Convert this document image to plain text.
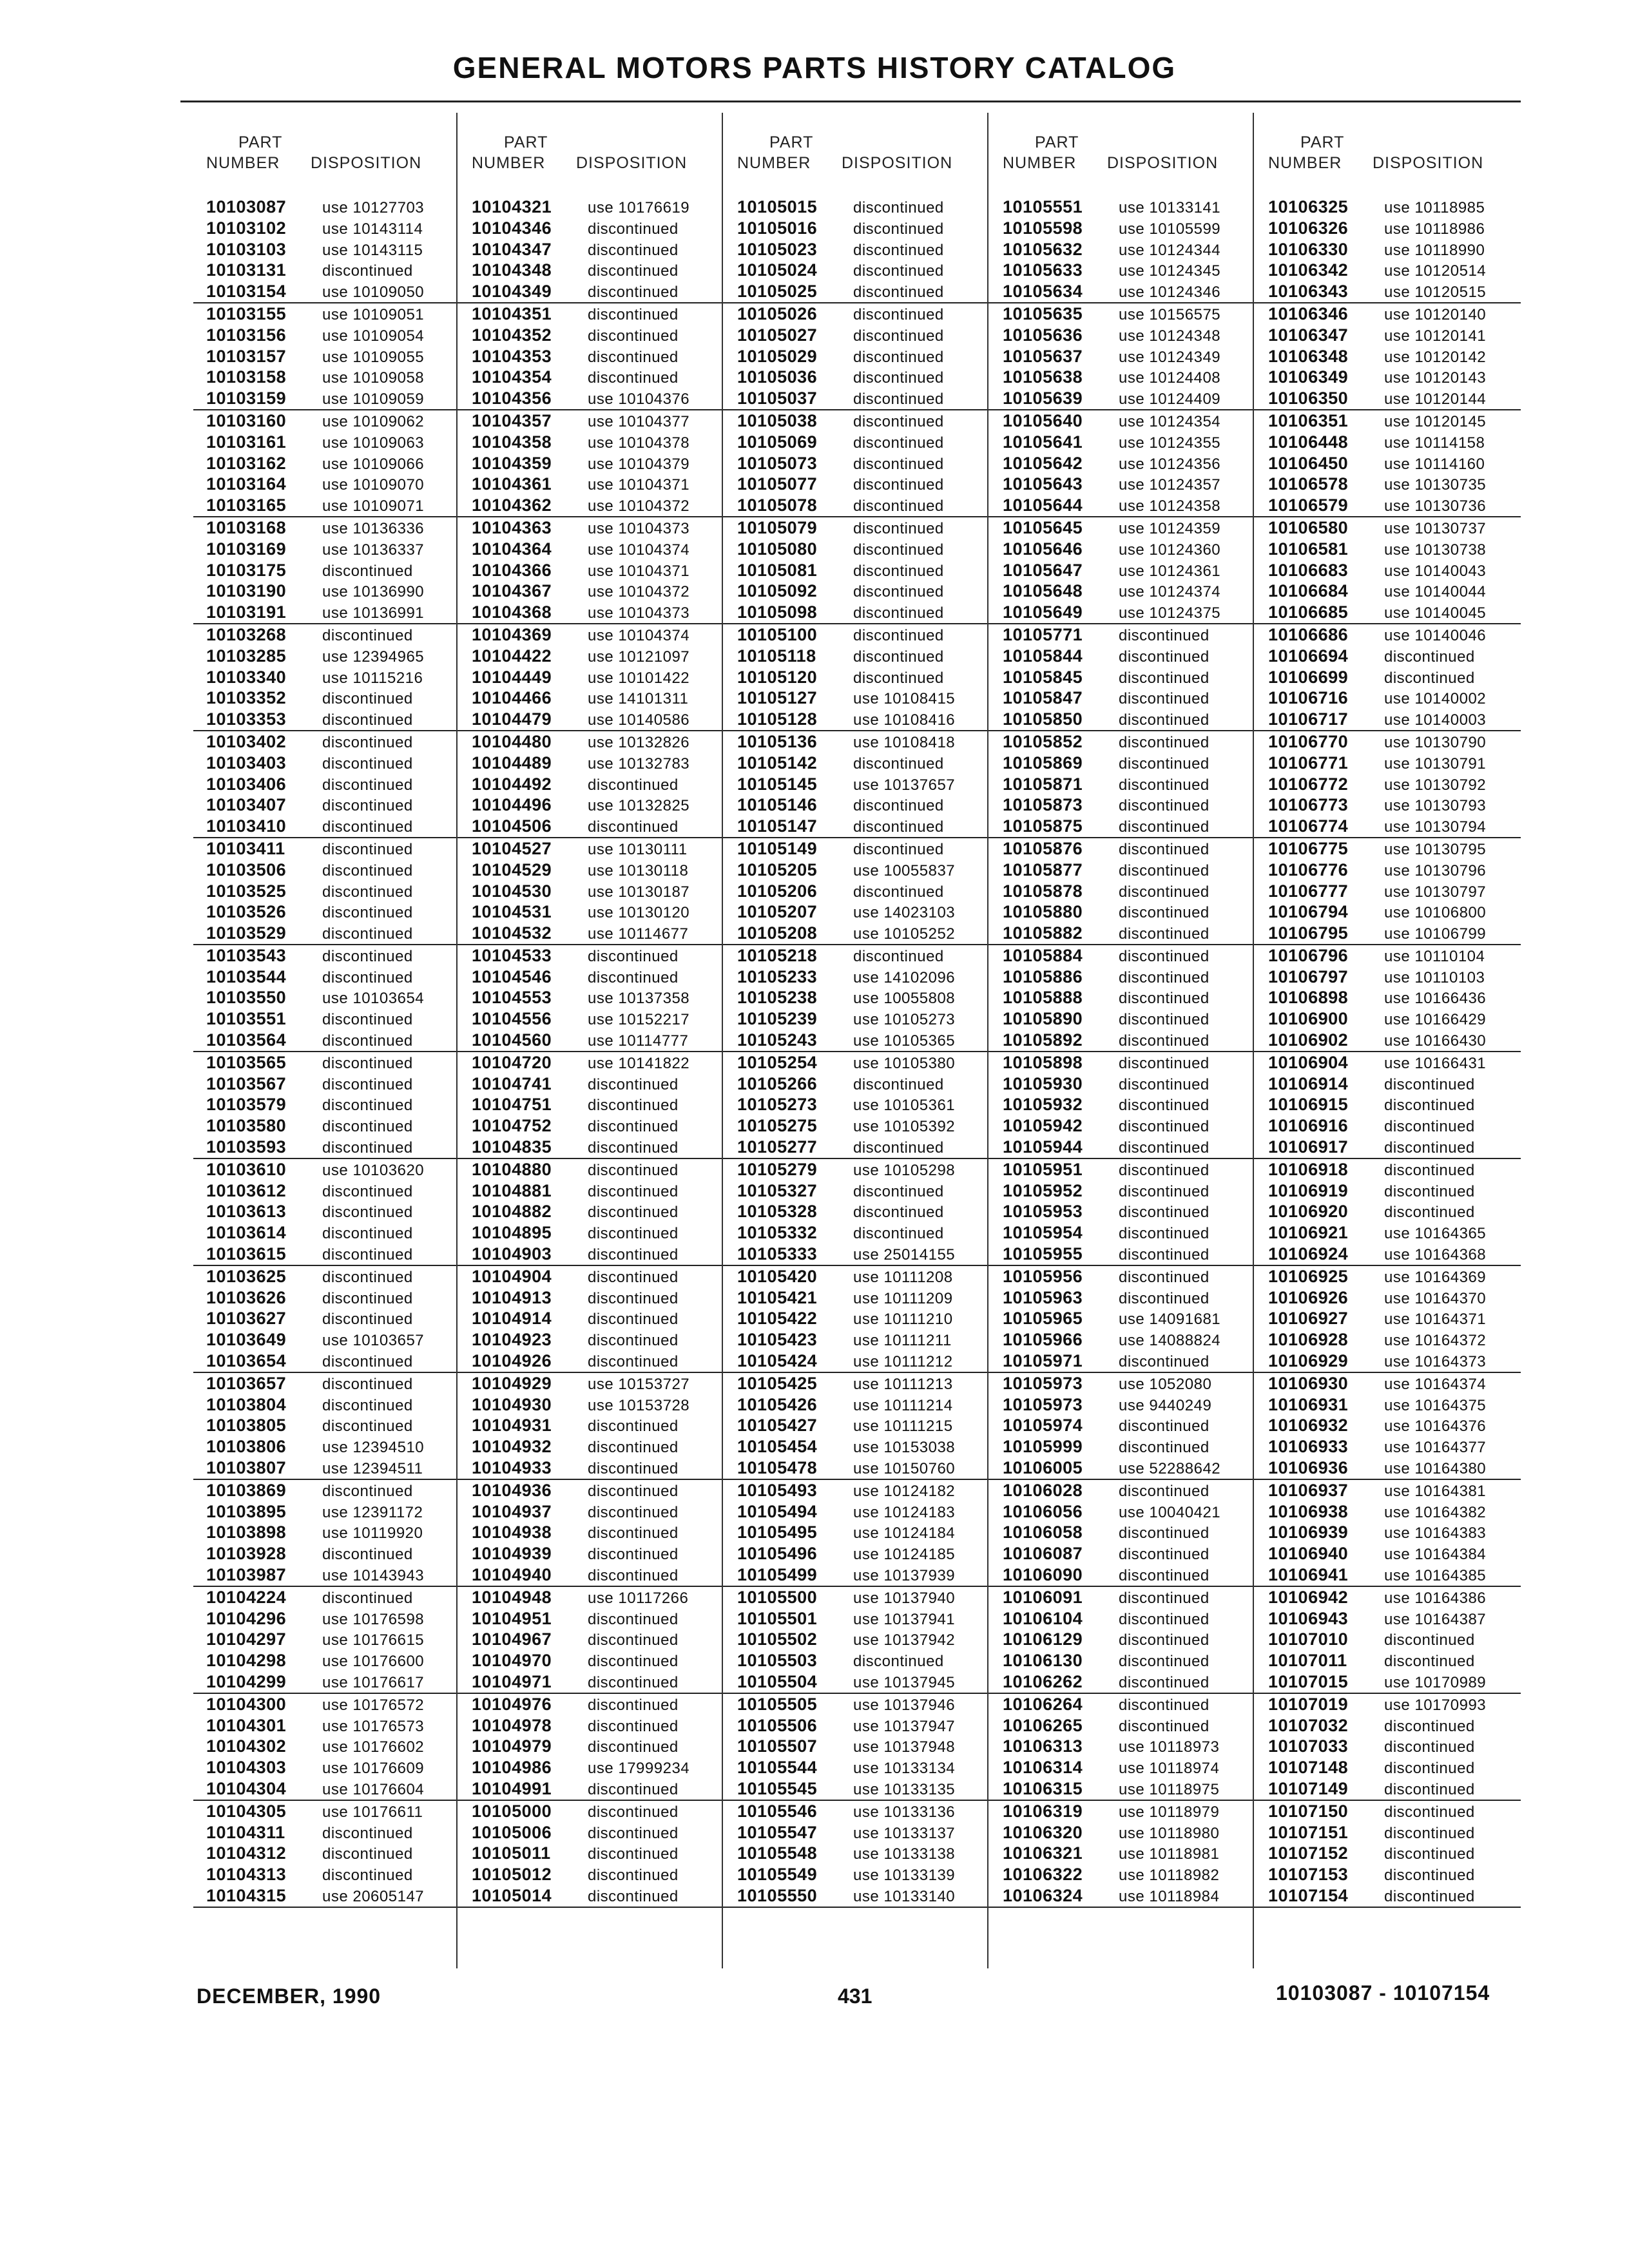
GENERAL MOTORS PARTS HISTORY CATALOG
PART
NUMBER DISPOSITION
10103087 use 10127703
10103102 use 10143114
10103103 use 10143115
10103131 discontinued
10103154 use 10109050
10103155 use 10109051
10103156 use 10109054
10103157 use 10109055
10103158 use 10109058
10103159 use 10109059
10103160 use 10109062
10103161 use 10109063
10103162 use 10109066
10103164 use 10109070
10103165 use 10109071
10103168 use 10136336
10103169 use 10136337
10103175 discontinued
10103190 use 10136990
10103191 use 10136991
10103268 discontinued
10103285 use 12394965
10103340 use 10115216
10103352 discontinued
10103353 discontinued
10103402 discontinued
10103403 discontinued
10103406 discontinued
10103407 discontinued
10103410 discontinued
10103411 discontinued
10103506 discontinued
10103525 discontinued
10103526 discontinued
10103529 discontinued
10103543 discontinued
10103544 discontinued
10103550 use 10103654
10103551 discontinued
10103564 discontinued
10103565 discontinued
10103567 discontinued
10103579 discontinued
10103580 discontinued
10103593 discontinued
10103610 use 10103620
10103612 discontinued
10103613 discontinued
10103614 discontinued
10103615 discontinued
10103625 discontinued
10103626 discontinued
10103627 discontinued
10103649 use 10103657
10103654 discontinued
10103657 discontinued
10103804 discontinued
10103805 discontinued
10103806 use 12394510
10103807 use 12394511
10103869 discontinued
10103895 use 12391172
10103898 use 10119920
10103928 discontinued
10103987 use 10143943
10104224 discontinued
10104296 use 10176598
10104297 use 10176615
10104298 use 10176600
10104299 use 10176617
10104300 use 10176572
10104301 use 10176573
10104302 use 10176602
10104303 use 10176609
10104304 use 10176604
10104305 use 10176611
10104311 discontinued
10104312 discontinued
10104313 discontinued
10104315 use 20605147
PART
NUMBER DISPOSITION
10104321 use 10176619
10104346 discontinued
10104347 discontinued
10104348 discontinued
10104349 discontinued
10104351 discontinued
10104352 discontinued
10104353 discontinued
10104354 discontinued
10104356 use 10104376
10104357 use 10104377
10104358 use 10104378
10104359 use 10104379
10104361 use 10104371
10104362 use 10104372
10104363 use 10104373
10104364 use 10104374
10104366 use 10104371
10104367 use 10104372
10104368 use 10104373
10104369 use 10104374
10104422 use 10121097
10104449 use 10101422
10104466 use 14101311
10104479 use 10140586
10104480 use 10132826
10104489 use 10132783
10104492 discontinued
10104496 use 10132825
10104506 discontinued
10104527 use 10130111
10104529 use 10130118
10104530 use 10130187
10104531 use 10130120
10104532 use 10114677
10104533 discontinued
10104546 discontinued
10104553 use 10137358
10104556 use 10152217
10104560 use 10114777
10104720 use 10141822
10104741 discontinued
10104751 discontinued
10104752 discontinued
10104835 discontinued
10104880 discontinued
10104881 discontinued
10104882 discontinued
10104895 discontinued
10104903 discontinued
10104904 discontinued
10104913 discontinued
10104914 discontinued
10104923 discontinued
10104926 discontinued
10104929 use 10153727
10104930 use 10153728
10104931 discontinued
10104932 discontinued
10104933 discontinued
10104936 discontinued
10104937 discontinued
10104938 discontinued
10104939 discontinued
10104940 discontinued
10104948 use 10117266
10104951 discontinued
10104967 discontinued
10104970 discontinued
10104971 discontinued
10104976 discontinued
10104978 discontinued
10104979 discontinued
10104986 use 17999234
10104991 discontinued
10105000 discontinued
10105006 discontinued
10105011 discontinued
10105012 discontinued
10105014 discontinued
PART
NUMBER DISPOSITION
10105015 discontinued
10105016 discontinued
10105023 discontinued
10105024 discontinued
10105025 discontinued
10105026 discontinued
10105027 discontinued
10105029 discontinued
10105036 discontinued
10105037 discontinued
10105038 discontinued
10105069 discontinued
10105073 discontinued
10105077 discontinued
10105078 discontinued
10105079 discontinued
10105080 discontinued
10105081 discontinued
10105092 discontinued
10105098 discontinued
10105100 discontinued
10105118 discontinued
10105120 discontinued
10105127 use 10108415
10105128 use 10108416
10105136 use 10108418
10105142 discontinued
10105145 use 10137657
10105146 discontinued
10105147 discontinued
10105149 discontinued
10105205 use 10055837
10105206 discontinued
10105207 use 14023103
10105208 use 10105252
10105218 discontinued
10105233 use 14102096
10105238 use 10055808
10105239 use 10105273
10105243 use 10105365
10105254 use 10105380
10105266 discontinued
10105273 use 10105361
10105275 use 10105392
10105277 discontinued
10105279 use 10105298
10105327 discontinued
10105328 discontinued
10105332 discontinued
10105333 use 25014155
10105420 use 10111208
10105421 use 10111209
10105422 use 10111210
10105423 use 10111211
10105424 use 10111212
10105425 use 10111213
10105426 use 10111214
10105427 use 10111215
10105454 use 10153038
10105478 use 10150760
10105493 use 10124182
10105494 use 10124183
10105495 use 10124184
10105496 use 10124185
10105499 use 10137939
10105500 use 10137940
10105501 use 10137941
10105502 use 10137942
10105503 discontinued
10105504 use 10137945
10105505 use 10137946
10105506 use 10137947
10105507 use 10137948
10105544 use 10133134
10105545 use 10133135
10105546 use 10133136
10105547 use 10133137
10105548 use 10133138
10105549 use 10133139
10105550 use 10133140
PART
NUMBER DISPOSITION
10105551 use 10133141
10105598 use 10105599
10105632 use 10124344
10105633 use 10124345
10105634 use 10124346
10105635 use 10156575
10105636 use 10124348
10105637 use 10124349
10105638 use 10124408
10105639 use 10124409
10105640 use 10124354
10105641 use 10124355
10105642 use 10124356
10105643 use 10124357
10105644 use 10124358
10105645 use 10124359
10105646 use 10124360
10105647 use 10124361
10105648 use 10124374
10105649 use 10124375
10105771 discontinued
10105844 discontinued
10105845 discontinued
10105847 discontinued
10105850 discontinued
10105852 discontinued
10105869 discontinued
10105871 discontinued
10105873 discontinued
10105875 discontinued
10105876 discontinued
10105877 discontinued
10105878 discontinued
10105880 discontinued
10105882 discontinued
10105884 discontinued
10105886 discontinued
10105888 discontinued
10105890 discontinued
10105892 discontinued
10105898 discontinued
10105930 discontinued
10105932 discontinued
10105942 discontinued
10105944 discontinued
10105951 discontinued
10105952 discontinued
10105953 discontinued
10105954 discontinued
10105955 discontinued
10105956 discontinued
10105963 discontinued
10105965 use 14091681
10105966 use 14088824
10105971 discontinued
10105973 use 1052080
10105973 use 9440249
10105974 discontinued
10105999 discontinued
10106005 use 52288642
10106028 discontinued
10106056 use 10040421
10106058 discontinued
10106087 discontinued
10106090 discontinued
10106091 discontinued
10106104 discontinued
10106129 discontinued
10106130 discontinued
10106262 discontinued
10106264 discontinued
10106265 discontinued
10106313 use 10118973
10106314 use 10118974
10106315 use 10118975
10106319 use 10118979
10106320 use 10118980
10106321 use 10118981
10106322 use 10118982
10106324 use 10118984
PART
NUMBER DISPOSITION
10106325 use 10118985
10106326 use 10118986
10106330 use 10118990
10106342 use 10120514
10106343 use 10120515
10106346 use 10120140
10106347 use 10120141
10106348 use 10120142
10106349 use 10120143
10106350 use 10120144
10106351 use 10120145
10106448 use 10114158
10106450 use 10114160
10106578 use 10130735
10106579 use 10130736
10106580 use 10130737
10106581 use 10130738
10106683 use 10140043
10106684 use 10140044
10106685 use 10140045
10106686 use 10140046
10106694 discontinued
10106699 discontinued
10106716 use 10140002
10106717 use 10140003
10106770 use 10130790
10106771 use 10130791
10106772 use 10130792
10106773 use 10130793
10106774 use 10130794
10106775 use 10130795
10106776 use 10130796
10106777 use 10130797
10106794 use 10106800
10106795 use 10106799
10106796 use 10110104
10106797 use 10110103
10106898 use 10166436
10106900 use 10166429
10106902 use 10166430
10106904 use 10166431
10106914 discontinued
10106915 discontinued
10106916 discontinued
10106917 discontinued
10106918 discontinued
10106919 discontinued
10106920 discontinued
10106921 use 10164365
10106924 use 10164368
10106925 use 10164369
10106926 use 10164370
10106927 use 10164371
10106928 use 10164372
10106929 use 10164373
10106930 use 10164374
10106931 use 10164375
10106932 use 10164376
10106933 use 10164377
10106936 use 10164380
10106937 use 10164381
10106938 use 10164382
10106939 use 10164383
10106940 use 10164384
10106941 use 10164385
10106942 use 10164386
10106943 use 10164387
10107010 discontinued
10107011 discontinued
10107015 use 10170989
10107019 use 10170993
10107032 discontinued
10107033 discontinued
10107148 discontinued
10107149 discontinued
10107150 discontinued
10107151 discontinued
10107152 discontinued
10107153 discontinued
10107154 discontinued
DECEMBER, 1990	431	10103087 - 10107154
